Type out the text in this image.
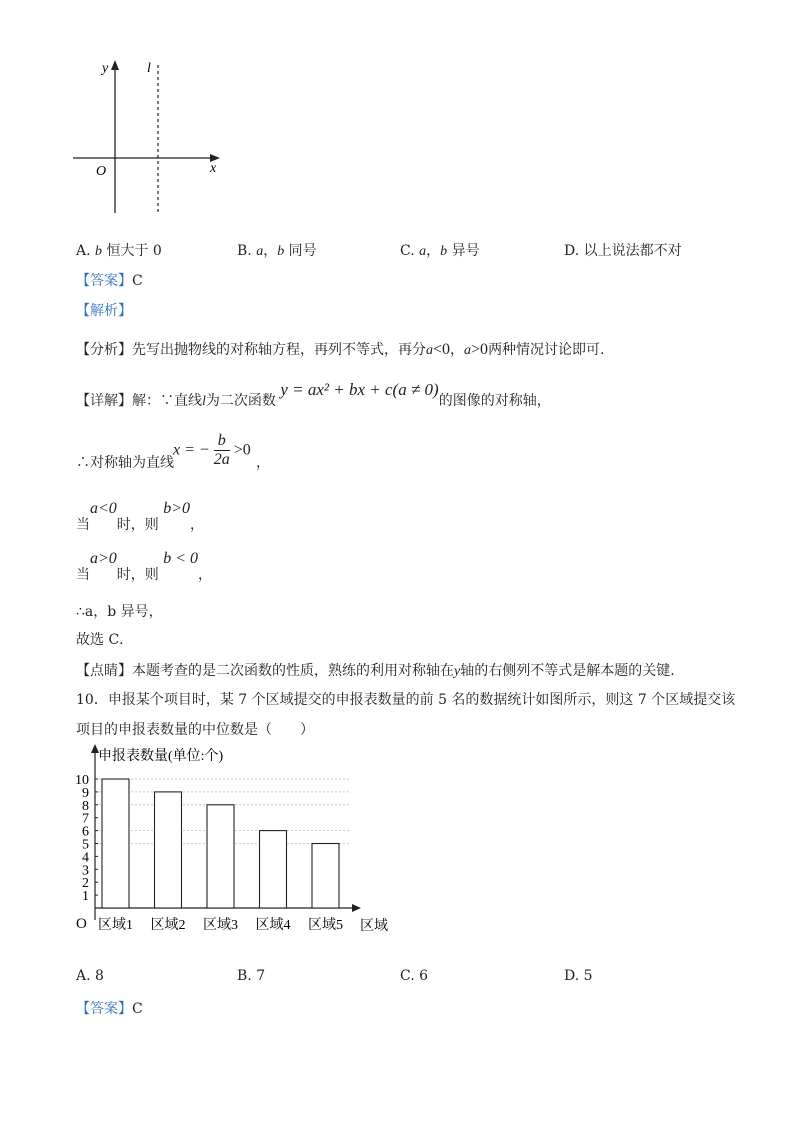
y	l
x
O
A. b 恒大于 0	B. a，b 同号	C. a，b 异号	D. 以上说法都不对
【答案】C
【解析】
【分析】先写出抛物线的对称轴方程，再列不等式，再分a<0，a>0两种情况讨论即可.
【详解】解：∵直线l为二次函数 y = ax² + bx + c(a ≠ 0)的图像的对称轴，
∴对称轴为直线
x = − $\frac{b}{2a} >0$
，
当a<0时，则 b>0，
当a>0时，则 b < 0，
∴a，b 异号，
故选 C．
【点睛】本题考查的是二次函数的性质，熟练的利用对称轴在y轴的右侧列不等式是解本题的关键.
10．申报某个项目时，某 7 个区域提交的申报表数量的前 5 名的数据统计如图所示，则这 7 个区域提交该
项目的申报表数量的中位数是（　　）
申报表数量(单位:个)
O	区域
1
2
3
4
5
6
7
8
9
10
区域1 区域2 区域3 区域4 区域5
A. 8	B. 7	C. 6	D. 5
【答案】C
